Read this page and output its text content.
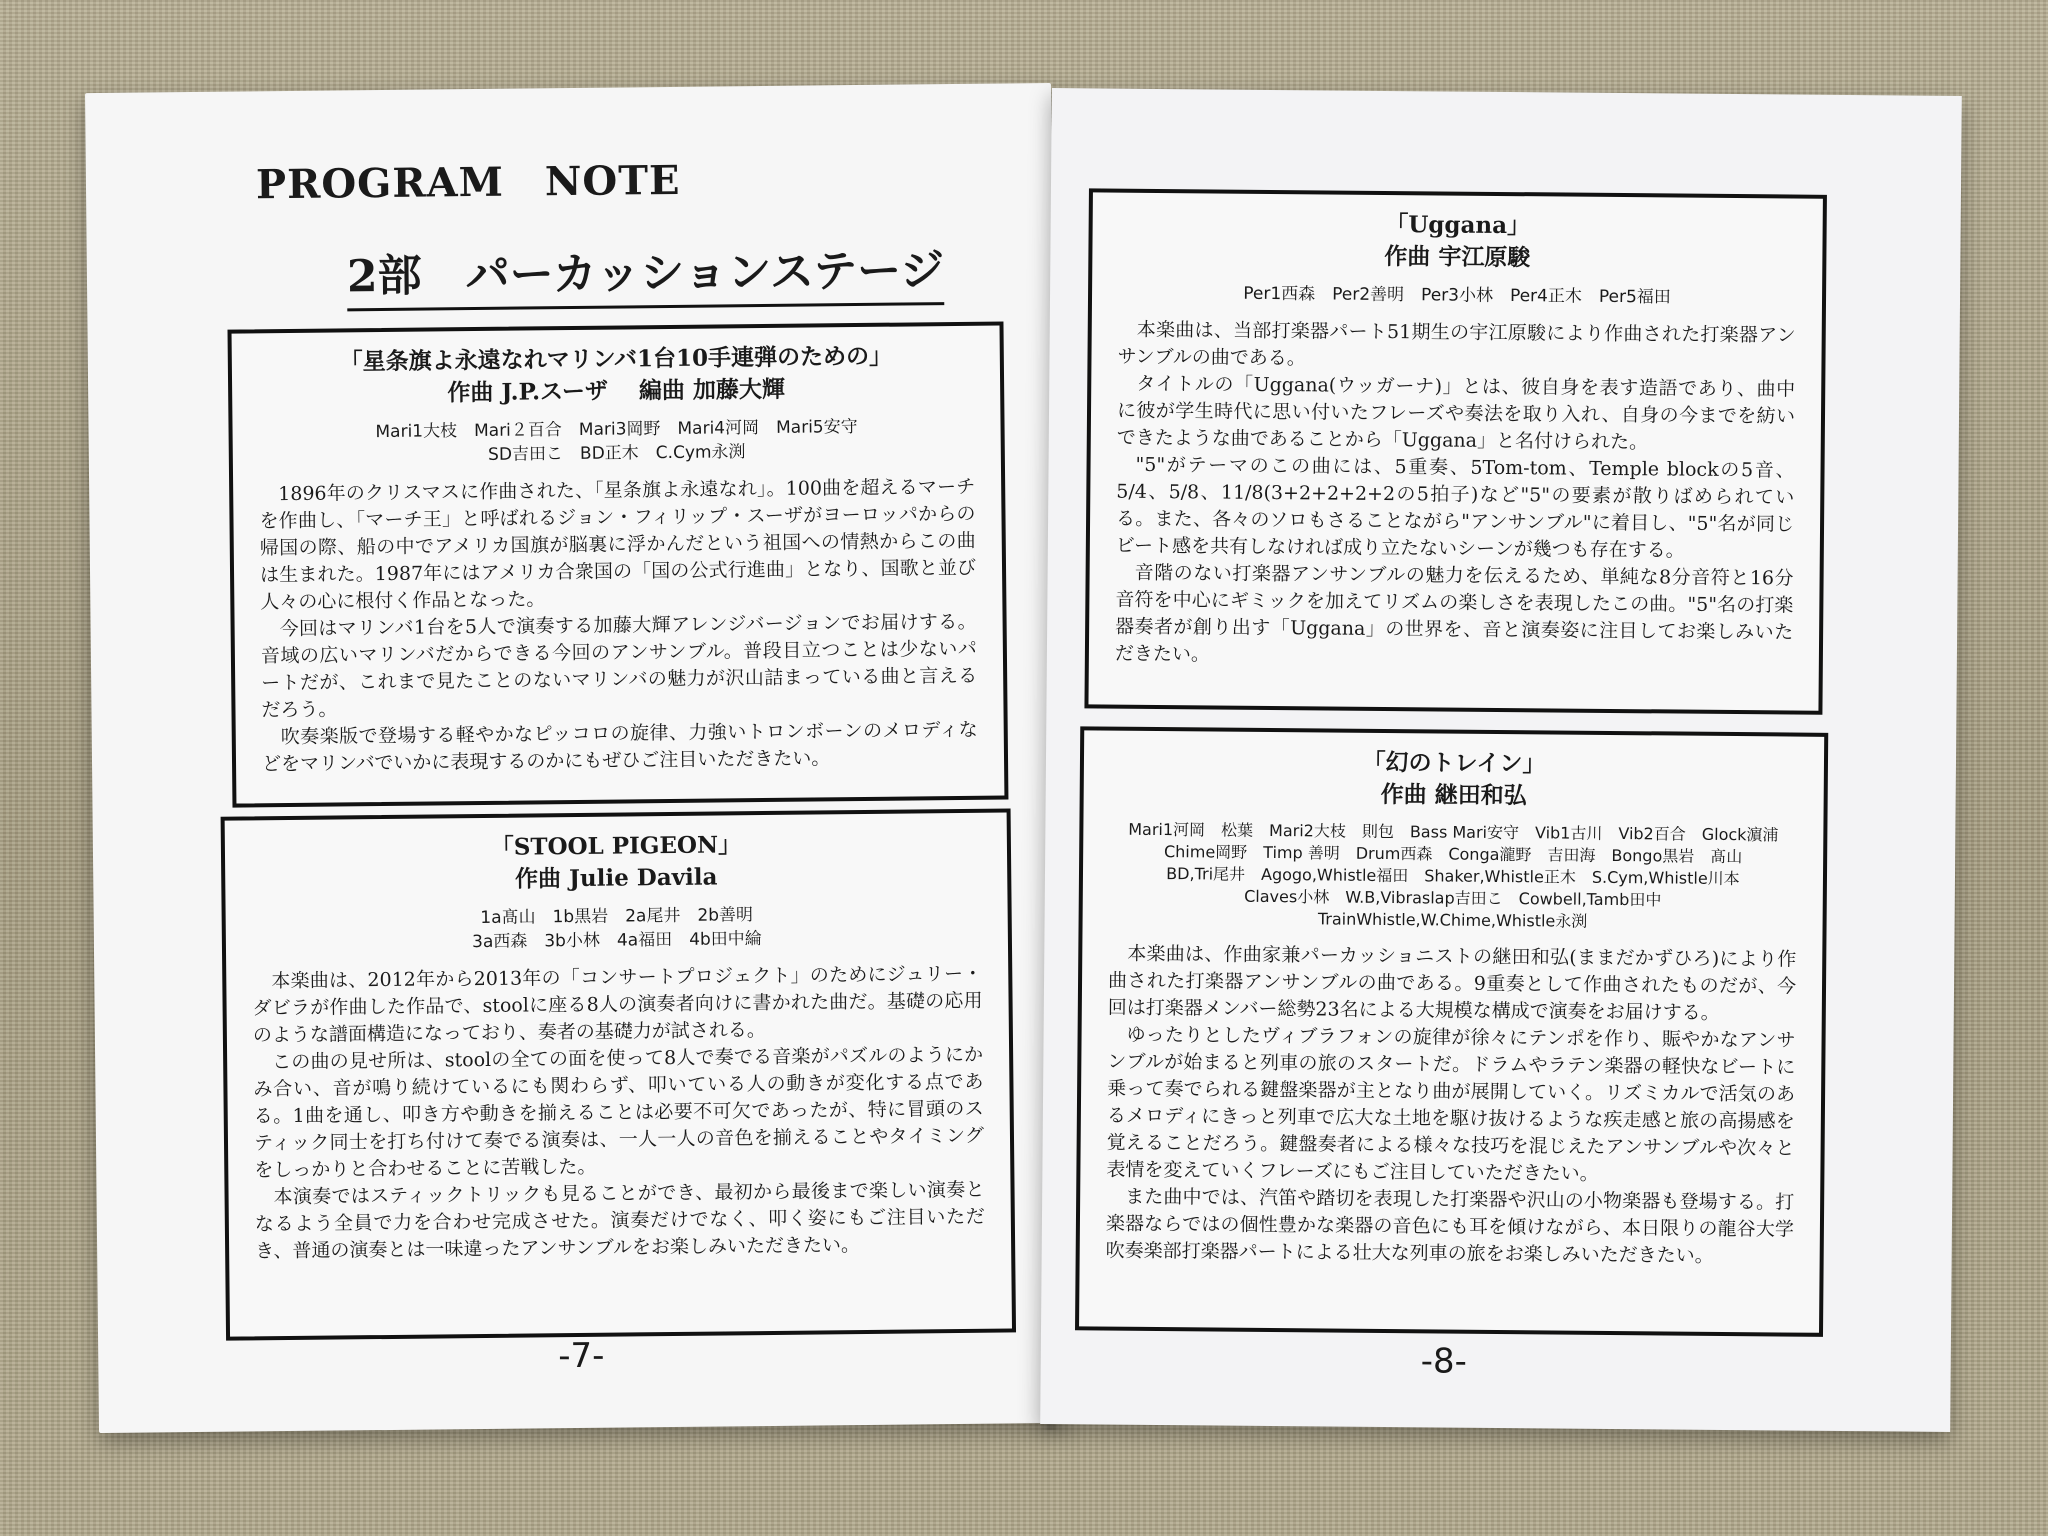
PROGRAM　NOTE
2部　パーカッションステージ
「星条旗よ永遠なれマリンバ1台10手連弾のための」
作曲 J.P.スーザ　 編曲 加藤大輝
Mari1大枝　Mari２百合　Mari3岡野　Mari4河岡　Mari5安守
SD吉田こ　BD正木　C.Cym永渕

1896年のクリスマスに作曲された、「星条旗よ永遠なれ」。100曲を超えるマーチを作曲し、「マーチ王」と呼ばれるジョン・フィリップ・スーザがヨーロッパからの帰国の際、船の中でアメリカ国旗が脳裏に浮かんだという祖国への情熱からこの曲は生まれた。1987年にはアメリカ合衆国の「国の公式行進曲」となり、国歌と並び人々の心に根付く作品となった。

今回はマリンバ1台を5人で演奏する加藤大輝アレンジバージョンでお届けする。音域の広いマリンバだからできる今回のアンサンブル。普段目立つことは少ないパートだが、これまで見たことのないマリンバの魅力が沢山詰まっている曲と言えるだろう。

吹奏楽版で登場する軽やかなピッコロの旋律、力強いトロンボーンのメロディなどをマリンバでいかに表現するのかにもぜひご注目いただきたい。

「STOOL PIGEON」
作曲 Julie Davila
1a髙山　1b黒岩　2a尾井　2b善明
3a西森　3b小林　4a福田　4b田中綸

本楽曲は、2012年から2013年の「コンサートプロジェクト」のためにジュリー・ダビラが作曲した作品で、stoolに座る8人の演奏者向けに書かれた曲だ。基礎の応用のような譜面構造になっており、奏者の基礎力が試される。

この曲の見せ所は、stoolの全ての面を使って8人で奏でる音楽がパズルのようにかみ合い、音が鳴り続けているにも関わらず、叩いている人の動きが変化する点である。1曲を通し、叩き方や動きを揃えることは必要不可欠であったが、特に冒頭のスティック同士を打ち付けて奏でる演奏は、一人一人の音色を揃えることやタイミングをしっかりと合わせることに苦戦した。

本演奏ではスティックトリックも見ることができ、最初から最後まで楽しい演奏となるよう全員で力を合わせ完成させた。演奏だけでなく、叩く姿にもご注目いただき、普通の演奏とは一味違ったアンサンブルをお楽しみいただきたい。

-7-
「Uggana」
作曲 宇江原駿
Per1西森　Per2善明　Per3小林　Per4正木　Per5福田

本楽曲は、当部打楽器パート51期生の宇江原駿により作曲された打楽器アンサンブルの曲である。

タイトルの「Uggana(ウッガーナ)」とは、彼自身を表す造語であり、曲中に彼が学生時代に思い付いたフレーズや奏法を取り入れ、自身の今までを紡いできたような曲であることから「Uggana」と名付けられた。

"5"がテーマのこの曲には、5重奏、5Tom-tom、Temple blockの5音、5/4、5/8、11/8(3+2+2+2+2の5拍子)など"5"の要素が散りばめられている。また、各々のソロもさることながら"アンサンブル"に着目し、"5"名が同じビート感を共有しなければ成り立たないシーンが幾つも存在する。

音階のない打楽器アンサンブルの魅力を伝えるため、単純な8分音符と16分音符を中心にギミックを加えてリズムの楽しさを表現したこの曲。"5"名の打楽器奏者が創り出す「Uggana」の世界を、音と演奏姿に注目してお楽しみいただきたい。

「幻のトレイン」
作曲 継田和弘
Mari1河岡　松葉　Mari2大枝　則包　Bass Mari安守　Vib1古川　Vib2百合　Glock濵浦
Chime岡野　Timp 善明　Drum西森　Conga瀧野　吉田海　Bongo黒岩　髙山
BD,Tri尾井　Agogo,Whistle福田　Shaker,Whistle正木　S.Cym,Whistle川本
Claves小林　W.B,Vibraslap吉田こ　Cowbell,Tamb田中
TrainWhistle,W.Chime,Whistle永渕

本楽曲は、作曲家兼パーカッショニストの継田和弘(ままだかずひろ)により作曲された打楽器アンサンブルの曲である。9重奏として作曲されたものだが、今回は打楽器メンバー総勢23名による大規模な構成で演奏をお届けする。

ゆったりとしたヴィブラフォンの旋律が徐々にテンポを作り、賑やかなアンサンブルが始まると列車の旅のスタートだ。ドラムやラテン楽器の軽快なビートに乗って奏でられる鍵盤楽器が主となり曲が展開していく。リズミカルで活気のあるメロディにきっと列車で広大な土地を駆け抜けるような疾走感と旅の高揚感を覚えることだろう。鍵盤奏者による様々な技巧を混じえたアンサンブルや次々と表情を変えていくフレーズにもご注目していただきたい。

また曲中では、汽笛や踏切を表現した打楽器や沢山の小物楽器も登場する。打楽器ならではの個性豊かな楽器の音色にも耳を傾けながら、本日限りの龍谷大学吹奏楽部打楽器パートによる壮大な列車の旅をお楽しみいただきたい。

-8-
